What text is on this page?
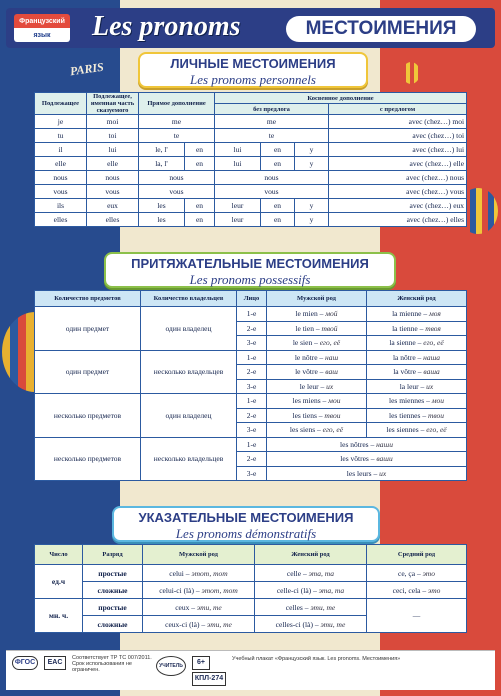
PARIS
Французский
язык	Les pronoms	МЕСТОИМЕНИЯ
ЛИЧНЫЕ МЕСТОИМЕНИЯ
Les pronoms personnels
Подлежащее	Подлежащее, именная часть сказуемого	Прямое дополнение		Косвенное дополнение			
				без предлога			с предлогом
je	moi	me		me			avec (chez…) moi
tu	toi	te		te			avec (chez…) toi
il	lui	le, l'	en	lui	en	y	avec (chez…) lui
elle	elle	la, l'	en	lui	en	y	avec (chez…) elle
nous	nous	nous		nous			avec (chez…) nous
vous	vous	vous		vous			avec (chez…) vous
ils	eux	les	en	leur	en	y	avec (chez…) eux
elles	elles	les	en	leur	en	y	avec (chez…) elles
ПРИТЯЖАТЕЛЬНЫЕ МЕСТОИМЕНИЯ
Les pronoms possessifs
Количество предметов	Количество владельцев	Лицо	Мужской род	Женский род
один предмет	один владелец	1-е	le mien – мой	la mienne – моя
		2-е	le tien – твой	la tienne – твоя
		3-е	le sien – его, её	la sienne – его, её
один предмет	несколько владельцев	1-е	le nôtre – наш	la nôtre – наша
		2-е	le vôtre – ваш	la vôtre – ваша
		3-е	le leur – их	la leur – их
несколько предметов	один владелец	1-е	les miens – мои	les miennes – мои
		2-е	les tiens – твои	les tiennes – твои
		3-е	les siens – его, её	les siennes – его, её
несколько предметов	несколько владельцев	1-е	les nôtres – наши	
		2-е	les vôtres – ваши	
		3-е	les leurs – их	
УКАЗАТЕЛЬНЫЕ МЕСТОИМЕНИЯ
Les pronoms démonstratifs
Число	Разряд	Мужской род	Женский род	Средний род
ед.ч	простые	celui – этот, тот	celle – эта, та	ce, ça – это
	сложные	celui-ci (là) – этот, тот	celle-ci (là) – эта, та	ceci, cela – это
мн. ч.	простые	ceux – эти, те	celles – эти, те	—
	сложные	ceux-ci (là) – эти, те	celles-ci (là) – эти, те	
ФГОС	EAC
Соответствует ТР ТС 007/2011. Срок использования не ограничен.
УЧИТЕЛЬ	6+
КПЛ-274
Учебный плакат «Французский язык. Les pronoms. Местоимения»
